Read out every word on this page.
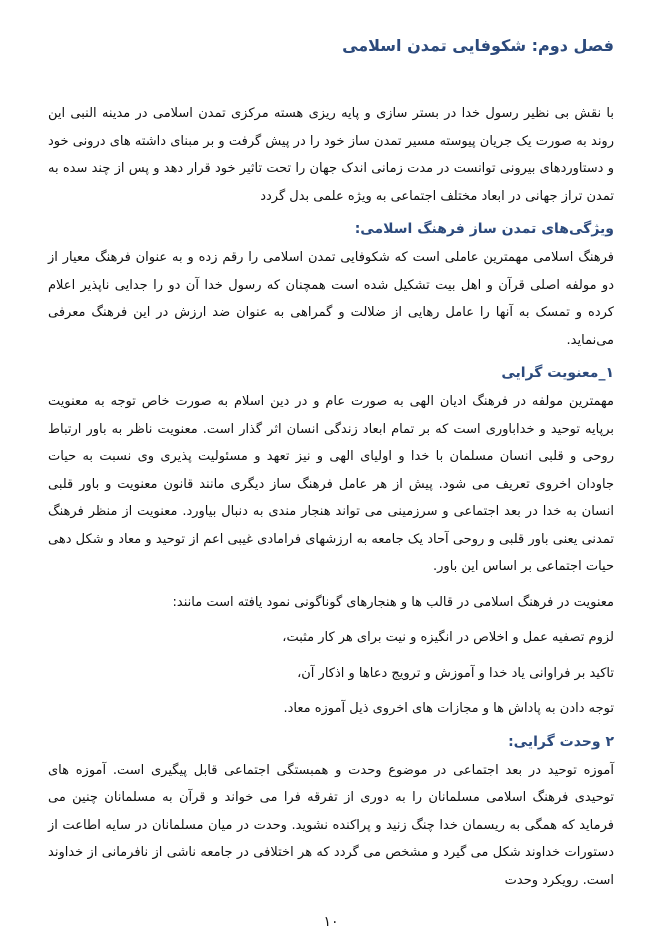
فصل دوم: شکوفایی تمدن اسلامی

با نقش بی نظیر رسول خدا در بستر سازی و پایه ریزی هسته مرکزی تمدن اسلامی در مدینه النبی این روند به صورت یک جریان پیوسته مسیر تمدن ساز خود را در پیش گرفت و بر مبنای داشته های درونی خود و دستاوردهای بیرونی توانست در مدت زمانی اندک جهان را تحت تاثیر خود قرار دهد و پس از چند سده به تمدن تراز جهانی در ابعاد مختلف اجتماعی به ویژه علمی بدل گردد

ویژگی‌های تمدن ساز فرهنگ اسلامی:

فرهنگ اسلامی مهمترین عاملی است که شکوفایی تمدن اسلامی را رقم زده و به عنوان فرهنگ معیار از دو مولفه اصلی قرآن و اهل بیت تشکیل شده است همچنان که رسول خدا آن دو را جدایی ناپذیر اعلام کرده و تمسک به آنها را عامل رهایی از ضلالت و گمراهی به عنوان ضد ارزش در این فرهنگ معرفی می‌نماید.

۱_معنویت گرایی

مهمترین مولفه در فرهنگ ادیان الهی به صورت عام و در دین اسلام به صورت خاص توجه به معنویت برپایه توحید و خداباوری است که بر تمام ابعاد زندگی انسان اثر گذار است. معنویت ناظر به باور ارتباط روحی و قلبی انسان مسلمان با خدا و اولیای الهی و نیز تعهد و مسئولیت پذیری وی نسبت به حیات جاودان اخروی تعریف می شود. پیش از هر عامل فرهنگ ساز دیگری مانند قانون معنویت و باور قلبی انسان به خدا در بعد اجتماعی و سرزمینی می تواند هنجار مندی به دنبال بیاورد. معنویت از منظر فرهنگ تمدنی یعنی باور قلبی و روحی آحاد یک جامعه به ارزشهای فرامادی غیبی اعم از توحید و معاد و شکل دهی حیات اجتماعی بر اساس این باور.

معنویت در فرهنگ اسلامی در قالب ها و هنجارهای گوناگونی نمود یافته است مانند:

لزوم تصفیه عمل و اخلاص در انگیزه و نیت برای هر کار مثبت،

تاکید بر فراوانی یاد خدا و آموزش و ترویج دعاها و اذکار آن،

توجه دادن به پاداش ها و مجازات های اخروی ذیل آموزه معاد.

۲ وحدت گرایی:

آموزه توحید در بعد اجتماعی در موضوع وحدت و همبستگی اجتماعی قابل پیگیری است. آموزه های توحیدی فرهنگ اسلامی مسلمانان را به دوری از تفرقه فرا می خواند و قرآن به مسلمانان چنین می فرماید که همگی به ریسمان خدا چنگ زنید و پراکنده نشوید. وحدت در میان مسلمانان در سایه اطاعت از دستورات خداوند شکل می گیرد و مشخص می گردد که هر اختلافی در جامعه ناشی از نافرمانی از خداوند است. رویکرد وحدت

۱۰
